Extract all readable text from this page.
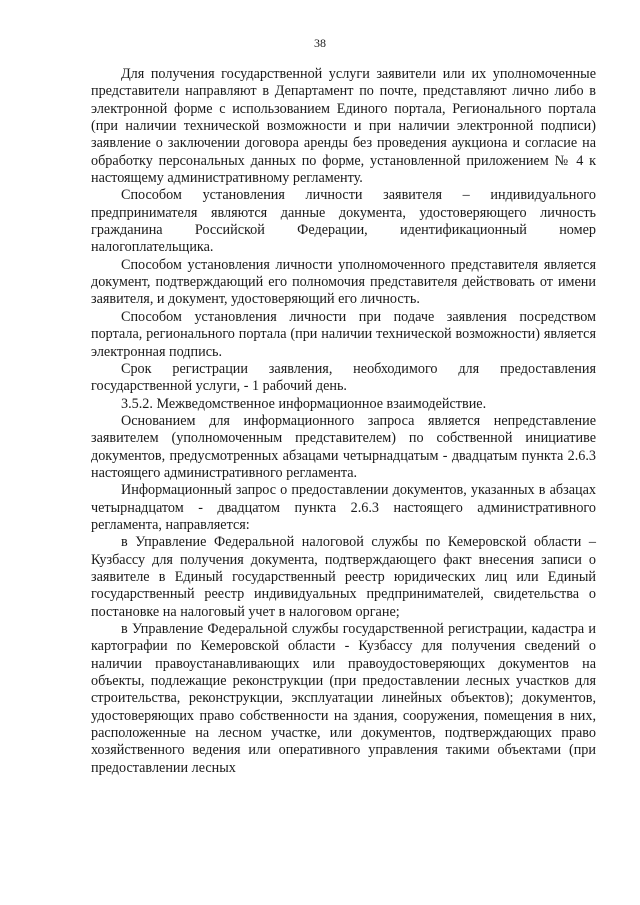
38

Для получения государственной услуги заявители или их уполномоченные представители направляют в Департамент по почте, представляют лично либо в электронной форме с использованием Единого портала, Регионального портала (при наличии технической возможности и при наличии электронной подписи) заявление о заключении договора аренды без проведения аукциона и согласие на обработку персональных данных по форме, установленной приложением № 4 к настоящему административному регламенту.

Способом установления личности заявителя – индивидуального предпринимателя являются данные документа, удостоверяющего личность гражданина Российской Федерации, идентификационный номер налогоплательщика.

Способом установления личности уполномоченного представителя является документ, подтверждающий его полномочия представителя действовать от имени заявителя, и документ, удостоверяющий его личность.

Способом установления личности при подаче заявления посредством портала, регионального портала (при наличии технической возможности) является электронная подпись.

Срок регистрации заявления, необходимого для предоставления государственной услуги, - 1 рабочий день.

3.5.2. Межведомственное информационное взаимодействие.

Основанием для информационного запроса является непредставление заявителем (уполномоченным представителем) по собственной инициативе документов, предусмотренных абзацами четырнадцатым - двадцатым пункта 2.6.3 настоящего административного регламента.

Информационный запрос о предоставлении документов, указанных в абзацах четырнадцатом - двадцатом пункта 2.6.3 настоящего административного регламента, направляется:

в Управление Федеральной налоговой службы по Кемеровской области – Кузбассу для получения документа, подтверждающего факт внесения записи о заявителе в Единый государственный реестр юридических лиц или Единый государственный реестр индивидуальных предпринимателей, свидетельства о постановке на налоговый учет в налоговом органе;

в Управление Федеральной службы государственной регистрации, кадастра и картографии по Кемеровской области - Кузбассу для получения сведений о наличии правоустанавливающих или правоудостоверяющих документов на объекты, подлежащие реконструкции (при предоставлении лесных участков для строительства, реконструкции, эксплуатации линейных объектов); документов, удостоверяющих право собственности на здания, сооружения, помещения в них, расположенные на лесном участке, или документов, подтверждающих право хозяйственного ведения или оперативного управления такими объектами (при предоставлении лесных
